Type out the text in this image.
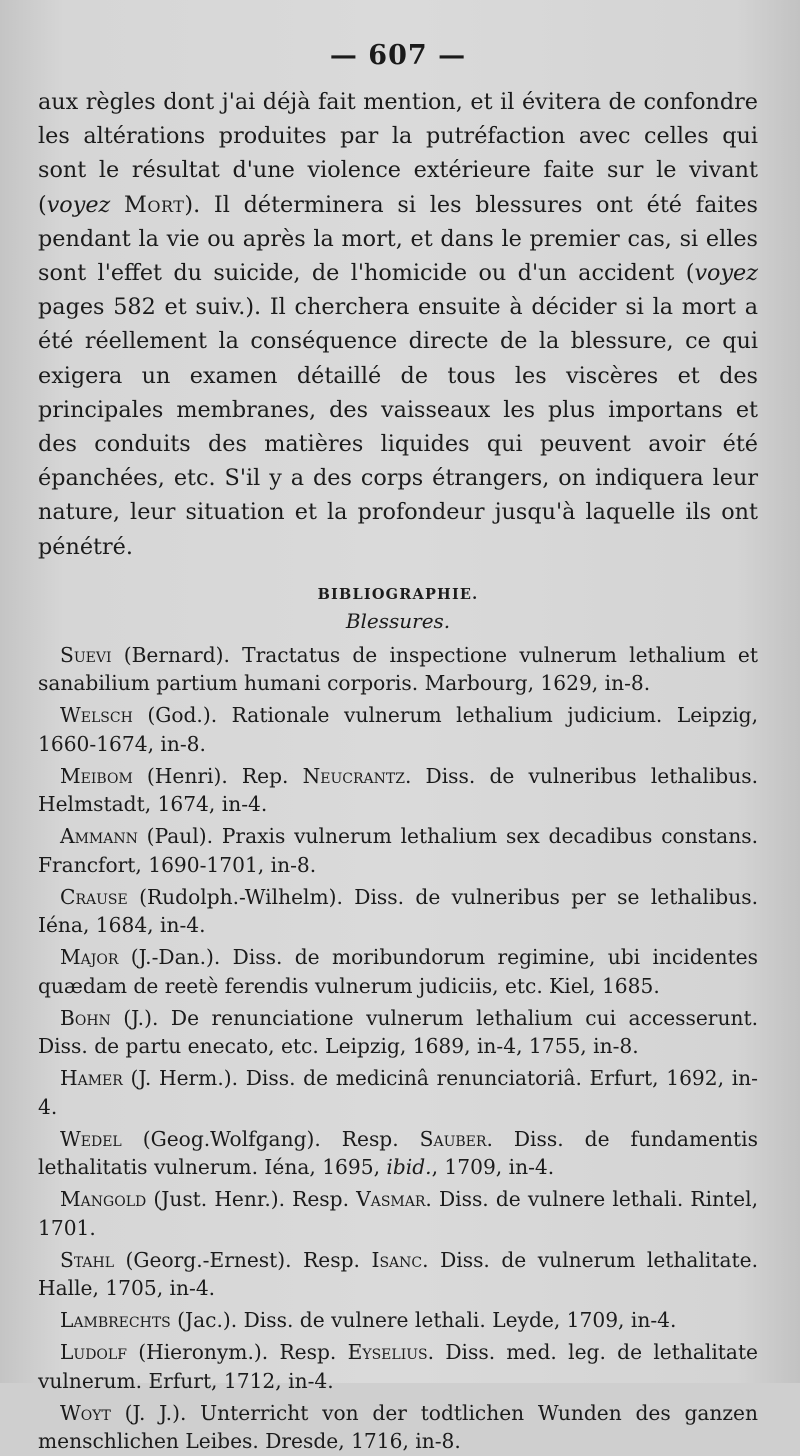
— 607 —

aux règles dont j'ai déjà fait mention, et il évitera de confondre les altérations produites par la putréfaction avec celles qui sont le résultat d'une violence extérieure faite sur le vivant (voyez Mort). Il déterminera si les blessures ont été faites pendant la vie ou après la mort, et dans le premier cas, si elles sont l'effet du suicide, de l'homicide ou d'un accident (voyez pages 582 et suiv.). Il cherchera ensuite à décider si la mort a été réellement la conséquence directe de la blessure, ce qui exigera un examen détaillé de tous les viscères et des principales membranes, des vaisseaux les plus importans et des conduits des matières liquides qui peuvent avoir été épanchées, etc. S'il y a des corps étrangers, on indiquera leur nature, leur situation et la profondeur jusqu'à laquelle ils ont pénétré.

BIBLIOGRAPHIE.
Blessures.
Suevi (Bernard). Tractatus de inspectione vulnerum lethalium et sanabilium partium humani corporis. Marbourg, 1629, in-8.
Welsch (God.). Rationale vulnerum lethalium judicium. Leipzig, 1660-1674, in-8.
Meibom (Henri). Rep. Neucrantz. Diss. de vulneribus lethalibus. Helmstadt, 1674, in-4.
Ammann (Paul). Praxis vulnerum lethalium sex decadibus constans. Francfort, 1690-1701, in-8.
Crause (Rudolph.-Wilhelm). Diss. de vulneribus per se lethalibus. Iéna, 1684, in-4.
Major (J.-Dan.). Diss. de moribundorum regimine, ubi incidentes quædam de reetè ferendis vulnerum judiciis, etc. Kiel, 1685.
Bohn (J.). De renunciatione vulnerum lethalium cui accesserunt. Diss. de partu enecato, etc. Leipzig, 1689, in-4, 1755, in-8.
Hamer (J. Herm.). Diss. de medicinâ renunciatoriâ. Erfurt, 1692, in-4.
Wedel (Geog.Wolfgang). Resp. Sauber. Diss. de fundamentis lethalitatis vulnerum. Iéna, 1695, ibid., 1709, in-4.
Mangold (Just. Henr.). Resp. Vasmar. Diss. de vulnere lethali. Rintel, 1701.
Stahl (Georg.-Ernest). Resp. Isanc. Diss. de vulnerum lethalitate. Halle, 1705, in-4.
Lambrechts (Jac.). Diss. de vulnere lethali. Leyde, 1709, in-4.
Ludolf (Hieronym.). Resp. Eyselius. Diss. med. leg. de lethalitate vulnerum. Erfurt, 1712, in-4.
Woyt (J. J.). Unterricht von der todtlichen Wunden des ganzen menschlichen Leibes. Dresde, 1716, in-8.
